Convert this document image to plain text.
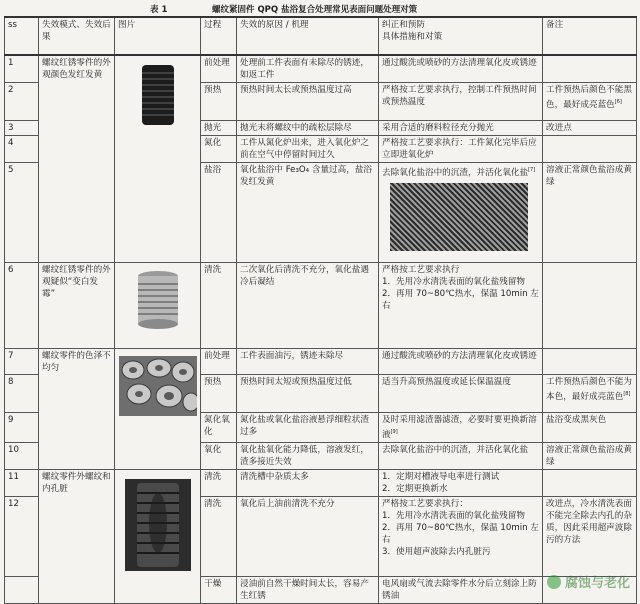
表 1	螺纹紧固件 QPQ 盐浴复合处理常见表面问题处理对策
ss	失效模式、失效后果	图片	过程	失效的原因 / 机理	纠正和预防
具体措施和对策	备注
1	螺纹红锈零件的外观颜色发红发黄		前处理	处理前工件表面有未除尽的锈迹，如返工件	通过酸洗或喷砂的方法清理氧化皮或锈迹	
2			预热	预热时间太长或预热温度过高	严格按工艺要求执行，控制工件预热时间或预热温度	工件预热后颜色不能黑色，最好成亮蓝色[6]
3			抛光	抛光未将螺纹中的疏松层除尽	采用合适的磨料粒径充分抛光	改进点
4			氮化	工件从氮化炉出来，进入氧化炉之前在空气中停留时间过久	严格按工艺要求执行：工件氮化完毕后应立即进氧化炉	
5			盐浴	氧化盐浴中 Fe₃O₄ 含量过高，盐浴发红发黄	去除氧化盐浴中的沉渣，并活化氧化盐[7]	溶液正常颜色盐浴成黄绿
6	螺纹红锈零件的外观疑似“变白发霉”		清洗	二次氧化后清洗不充分，氧化盐遇冷后凝结	严格按工艺要求执行
1．先用冷水清洗表面的氧化盐残留物
2．再用 70~80℃热水，保温 10min 左右	
7	螺纹零件的色泽不均匀		前处理	工件表面油污，锈迹未除尽	通过酸洗或喷砂的方法清理氧化皮或锈迹	
8			预热	预热时间太短或预热温度过低	适当升高预热温度或延长保温温度	工件预热后颜色不能为本色，最好成亮蓝色[8]
9			氮化氧化	氮化盐或氧化盐浴液悬浮细粒状渣过多	及时采用滤渣器滤渣，必要时要更换新溶液[9]	盐浴变成黑灰色
10			氧化	氧化盐氧化能力降低，溶液发红，渣多接近失效	去除氧化盐浴中的沉渣，并活化氧化盐	溶液正常颜色盐浴成黄绿
11	螺纹零件外螺纹和内孔脏		清洗	清洗槽中杂质太多	1．定期对槽液导电率进行测试
2．定期更换新水	
12			清洗	氧化后上油前清洗不充分	严格按工艺要求执行：
1．先用冷水清洗表面的氧化盐残留物
2．再用 70~80℃热水，保温 10min 左右
3．使用超声波除去内孔脏污	改进点，冷水清洗表面不能完全除去内孔的杂质，因此采用超声波除污的方法
			干燥	浸油前自然干燥时间太长，容易产生红锈	电风扇或气流去除零件水分后立刻涂上防锈油	
腐蚀与老化
